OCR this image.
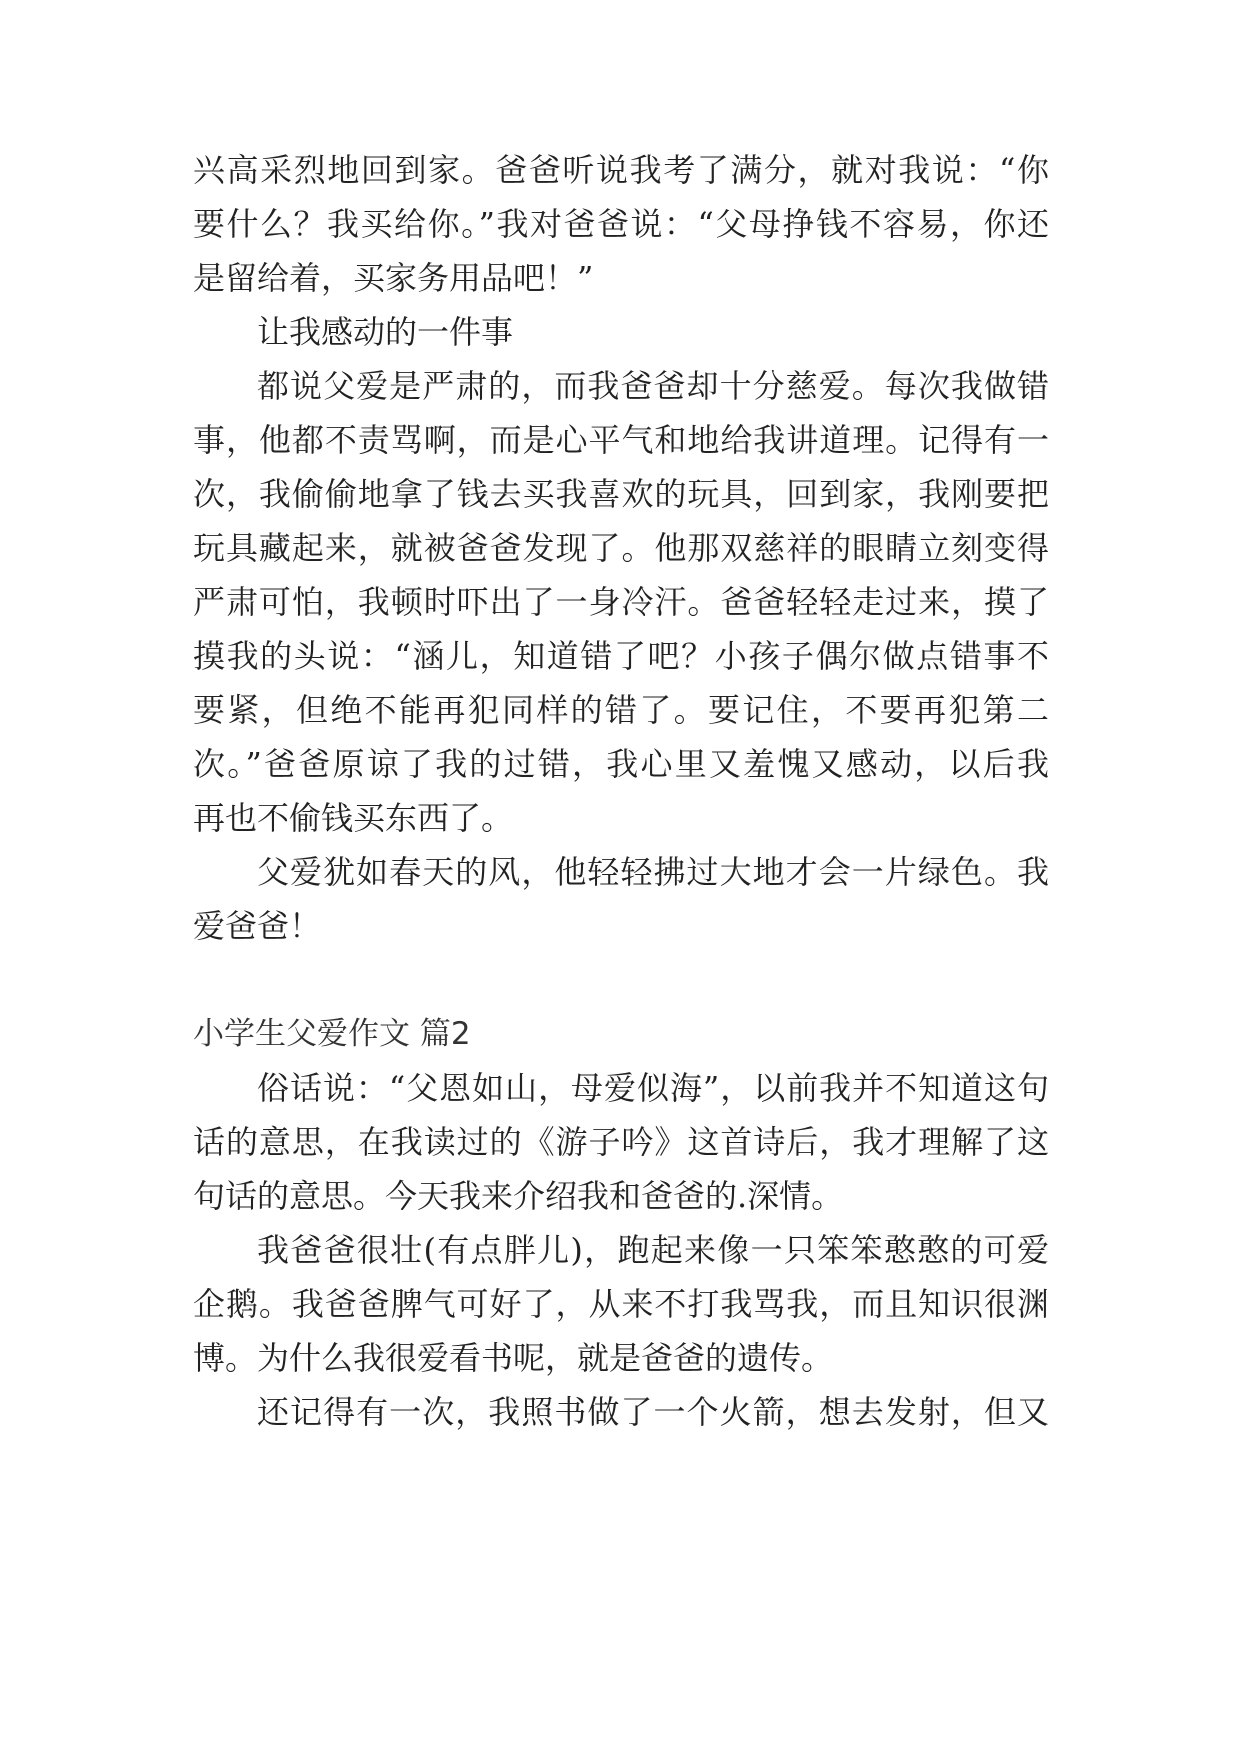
兴高采烈地回到家。爸爸听说我考了满分，就对我说：“你
要什么？我买给你。”我对爸爸说：“父母挣钱不容易，你还
是留给着，买家务用品吧！”
让我感动的一件事
都说父爱是严肃的，而我爸爸却十分慈爱。每次我做错
事，他都不责骂啊，而是心平气和地给我讲道理。记得有一
次，我偷偷地拿了钱去买我喜欢的玩具，回到家，我刚要把
玩具藏起来，就被爸爸发现了。他那双慈祥的眼睛立刻变得
严肃可怕，我顿时吓出了一身冷汗。爸爸轻轻走过来，摸了
摸我的头说：“涵儿，知道错了吧？小孩子偶尔做点错事不
要紧，但绝不能再犯同样的错了。要记住，不要再犯第二
次。”爸爸原谅了我的过错，我心里又羞愧又感动，以后我
再也不偷钱买东西了。
父爱犹如春天的风，他轻轻拂过大地才会一片绿色。我
爱爸爸！
小学生父爱作文 篇2
俗话说：“父恩如山，母爱似海”，以前我并不知道这句
话的意思，在我读过的《游子吟》这首诗后，我才理解了这
句话的意思。今天我来介绍我和爸爸的.深情。
我爸爸很壮(有点胖儿)，跑起来像一只笨笨憨憨的可爱
企鹅。我爸爸脾气可好了，从来不打我骂我，而且知识很渊
博。为什么我很爱看书呢，就是爸爸的遗传。
还记得有一次，我照书做了一个火箭，想去发射，但又
